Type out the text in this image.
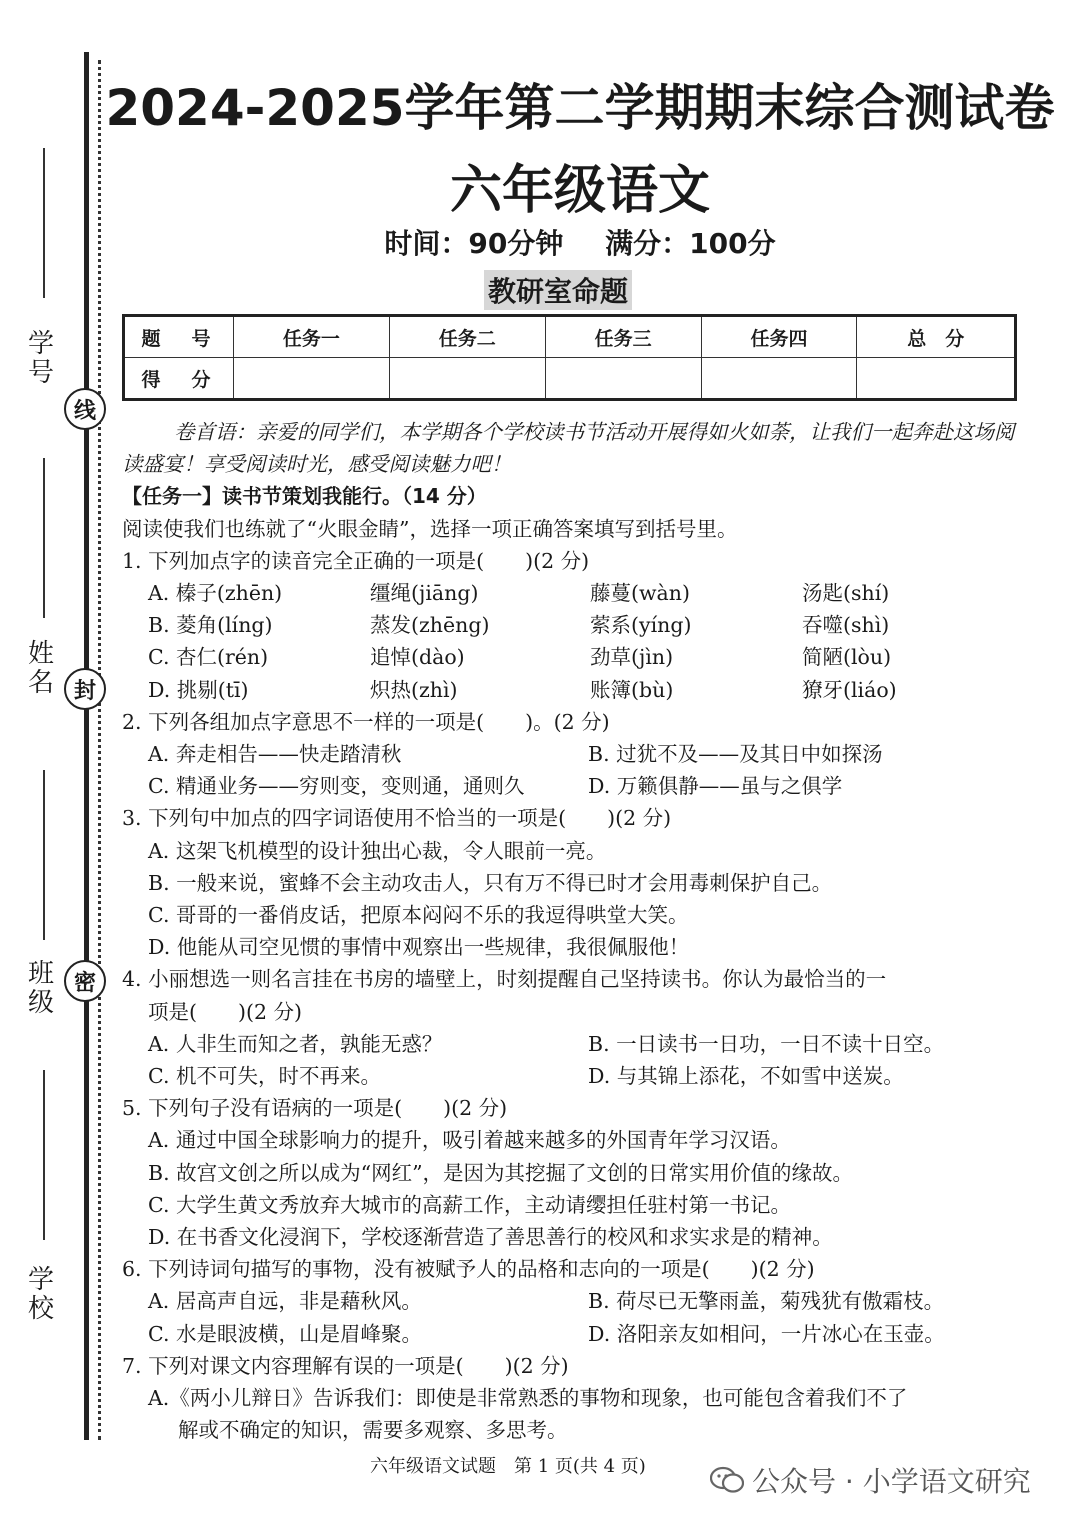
学号
线
姓名 封
密
班级
学校
2024-2025学年第二学期期末综合测试卷
六年级语文
时间：90分钟 满分：100分
教研室命题
题　号	任务一	任务二	任务三	任务四	总　分
得　分					

卷首语：亲爱的同学们，本学期各个学校读书节活动开展得如火如荼，让我们一起奔赴这场阅读盛宴！享受阅读时光，感受阅读魅力吧！

【任务一】读书节策划我能行。（14 分）

阅读使我们也练就了“火眼金睛”，选择一项正确答案填写到括号里。

1. 下列加点字的读音完全正确的一项是(　　)(2 分)

A. 榛子(zhēn)	缰绳(jiāng)	藤蔓(wàn)	汤匙(shí)
B. 菱角(líng)	蒸发(zhēng)	萦系(yíng)	吞噬(shì)
C. 杏仁(rén)	追悼(dào)	劲草(jìn)	简陋(lòu)
D. 挑剔(tī)	炽热(zhì)	账簿(bù)	獠牙(liáo)

2. 下列各组加点字意思不一样的一项是(　　)。(2 分)

A. 奔走相告——快走踏清秋	B. 过犹不及——及其日中如探汤
C. 精通业务——穷则变，变则通，通则久	D. 万籁俱静——虽与之俱学

3. 下列句中加点的四字词语使用不恰当的一项是(　　)(2 分)

A. 这架飞机模型的设计独出心裁，令人眼前一亮。

B. 一般来说，蜜蜂不会主动攻击人，只有万不得已时才会用毒刺保护自己。

C. 哥哥的一番俏皮话，把原本闷闷不乐的我逗得哄堂大笑。

D. 他能从司空见惯的事情中观察出一些规律，我很佩服他！

4. 小丽想选一则名言挂在书房的墙壁上，时刻提醒自己坚持读书。你认为最恰当的一

项是(　　)(2 分)

A. 人非生而知之者，孰能无惑？	B. 一日读书一日功，一日不读十日空。
C. 机不可失，时不再来。	D. 与其锦上添花，不如雪中送炭。

5. 下列句子没有语病的一项是(　　)(2 分)

A. 通过中国全球影响力的提升，吸引着越来越多的外国青年学习汉语。

B. 故宫文创之所以成为“网红”，是因为其挖掘了文创的日常实用价值的缘故。

C. 大学生黄文秀放弃大城市的高薪工作，主动请缨担任驻村第一书记。

D. 在书香文化浸润下，学校逐渐营造了善思善行的校风和求实求是的精神。

6. 下列诗词句描写的事物，没有被赋予人的品格和志向的一项是(　　)(2 分)

A. 居高声自远，非是藉秋风。	B. 荷尽已无擎雨盖，菊残犹有傲霜枝。
C. 水是眼波横，山是眉峰聚。	D. 洛阳亲友如相问，一片冰心在玉壶。

7. 下列对课文内容理解有误的一项是(　　)(2 分)

A.《两小儿辩日》告诉我们：即使是非常熟悉的事物和现象，也可能包含着我们不了

解或不确定的知识，需要多观察、多思考。

六年级语文试题　第 1 页(共 4 页)	公众号 · 小学语文研究
